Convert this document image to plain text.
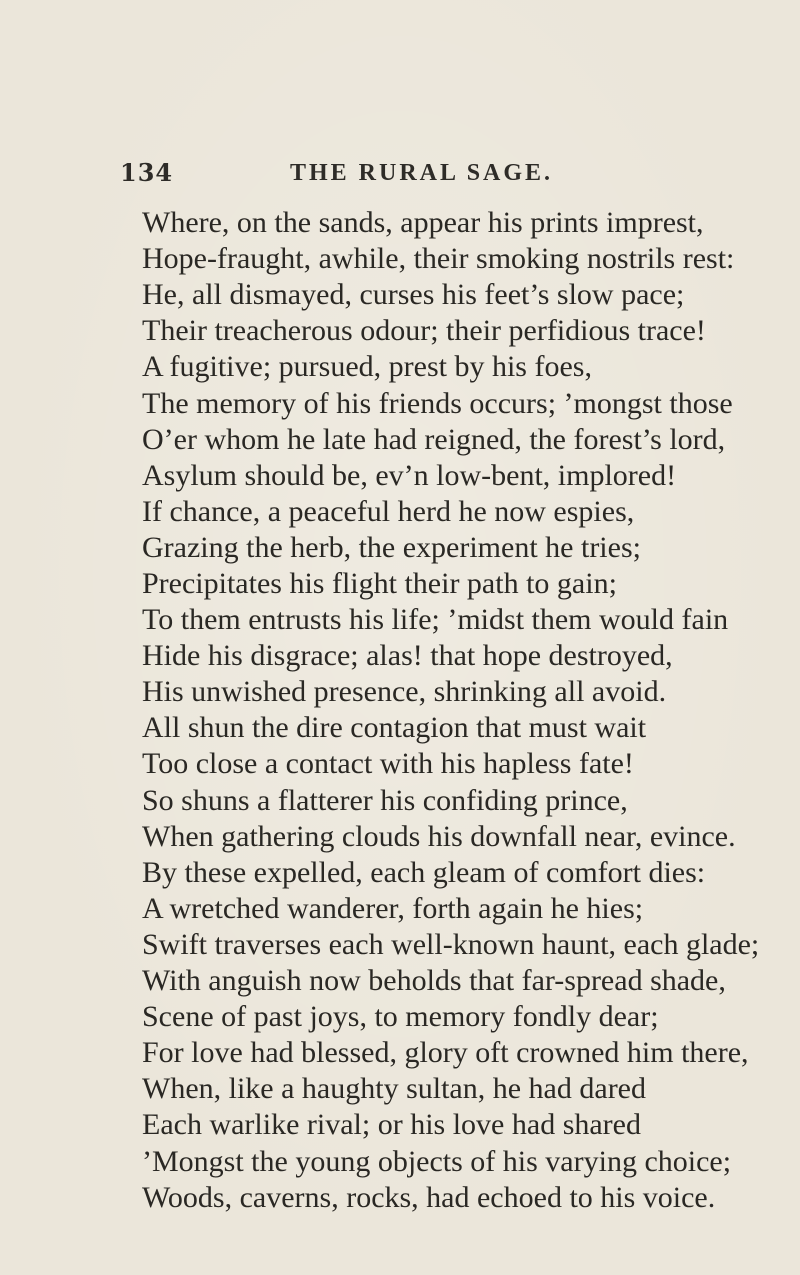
134	THE RURAL SAGE.
Where, on the sands, appear his prints imprest,
Hope-fraught, awhile, their smoking nostrils rest:
He, all dismayed, curses his feet’s slow pace;
Their treacherous odour; their perfidious trace!
A fugitive; pursued, prest by his foes,
The memory of his friends occurs; ’mongst those
O’er whom he late had reigned, the forest’s lord,
Asylum should be, ev’n low-bent, implored!
If chance, a peaceful herd he now espies,
Grazing the herb, the experiment he tries;
Precipitates his flight their path to gain;
To them entrusts his life; ’midst them would fain
Hide his disgrace; alas! that hope destroyed,
His unwished presence, shrinking all avoid.
All shun the dire contagion that must wait
Too close a contact with his hapless fate!
So shuns a flatterer his confiding prince,
When gathering clouds his downfall near, evince.
By these expelled, each gleam of comfort dies:
A wretched wanderer, forth again he hies;
Swift traverses each well-known haunt, each glade;
With anguish now beholds that far-spread shade,
Scene of past joys, to memory fondly dear;
For love had blessed, glory oft crowned him there,
When, like a haughty sultan, he had dared
Each warlike rival; or his love had shared
’Mongst the young objects of his varying choice;
Woods, caverns, rocks, had echoed to his voice.
